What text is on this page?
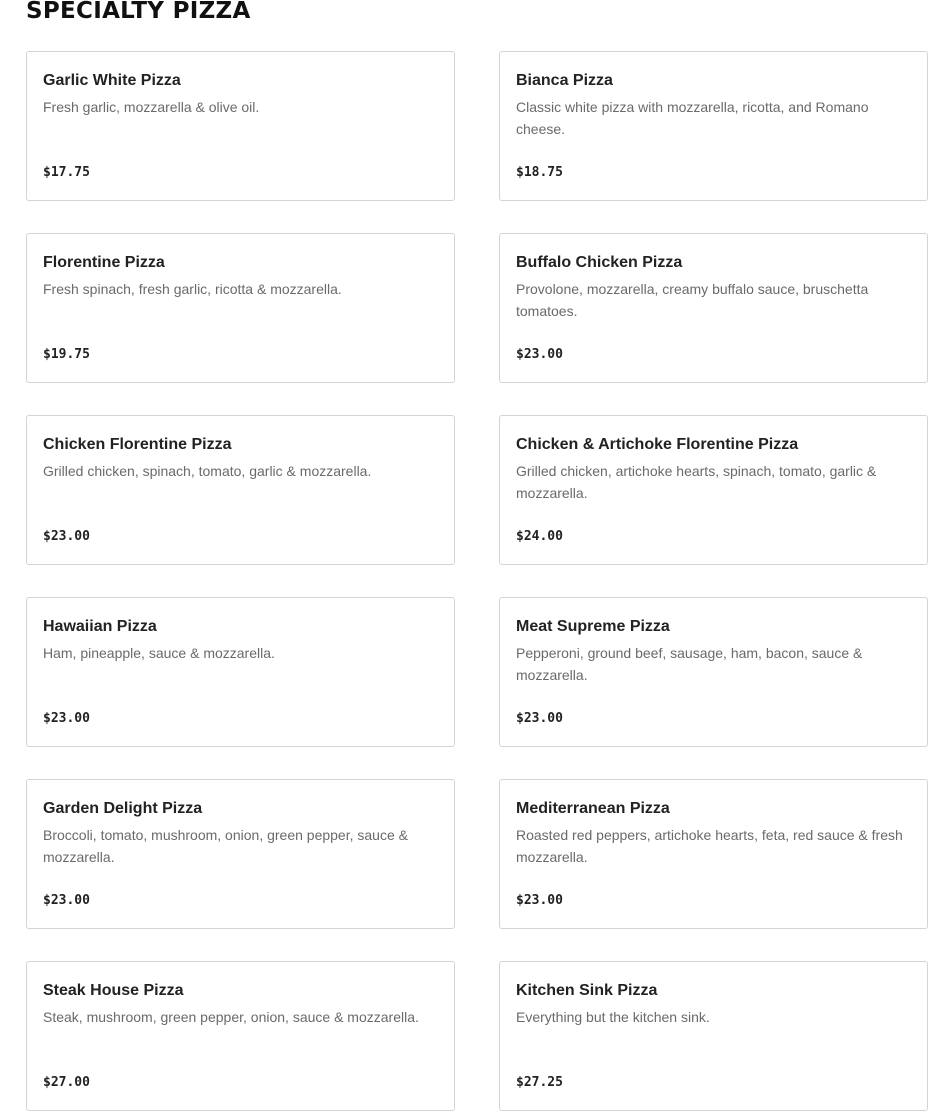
SPECIALTY PIZZA
Garlic White Pizza
Fresh garlic, mozzarella & olive oil.
$17.75
Bianca Pizza
Classic white pizza with mozzarella, ricotta, and Romano cheese.
$18.75
Florentine Pizza
Fresh spinach, fresh garlic, ricotta & mozzarella.
$19.75
Buffalo Chicken Pizza
Provolone, mozzarella, creamy buffalo sauce, bruschetta tomatoes.
$23.00
Chicken Florentine Pizza
Grilled chicken, spinach, tomato, garlic & mozzarella.
$23.00
Chicken & Artichoke Florentine Pizza
Grilled chicken, artichoke hearts, spinach, tomato, garlic & mozzarella.
$24.00
Hawaiian Pizza
Ham, pineapple, sauce & mozzarella.
$23.00
Meat Supreme Pizza
Pepperoni, ground beef, sausage, ham, bacon, sauce & mozzarella.
$23.00
Garden Delight Pizza
Broccoli, tomato, mushroom, onion, green pepper, sauce & mozzarella.
$23.00
Mediterranean Pizza
Roasted red peppers, artichoke hearts, feta, red sauce & fresh mozzarella.
$23.00
Steak House Pizza
Steak, mushroom, green pepper, onion, sauce & mozzarella.
$27.00
Kitchen Sink Pizza
Everything but the kitchen sink.
$27.25
